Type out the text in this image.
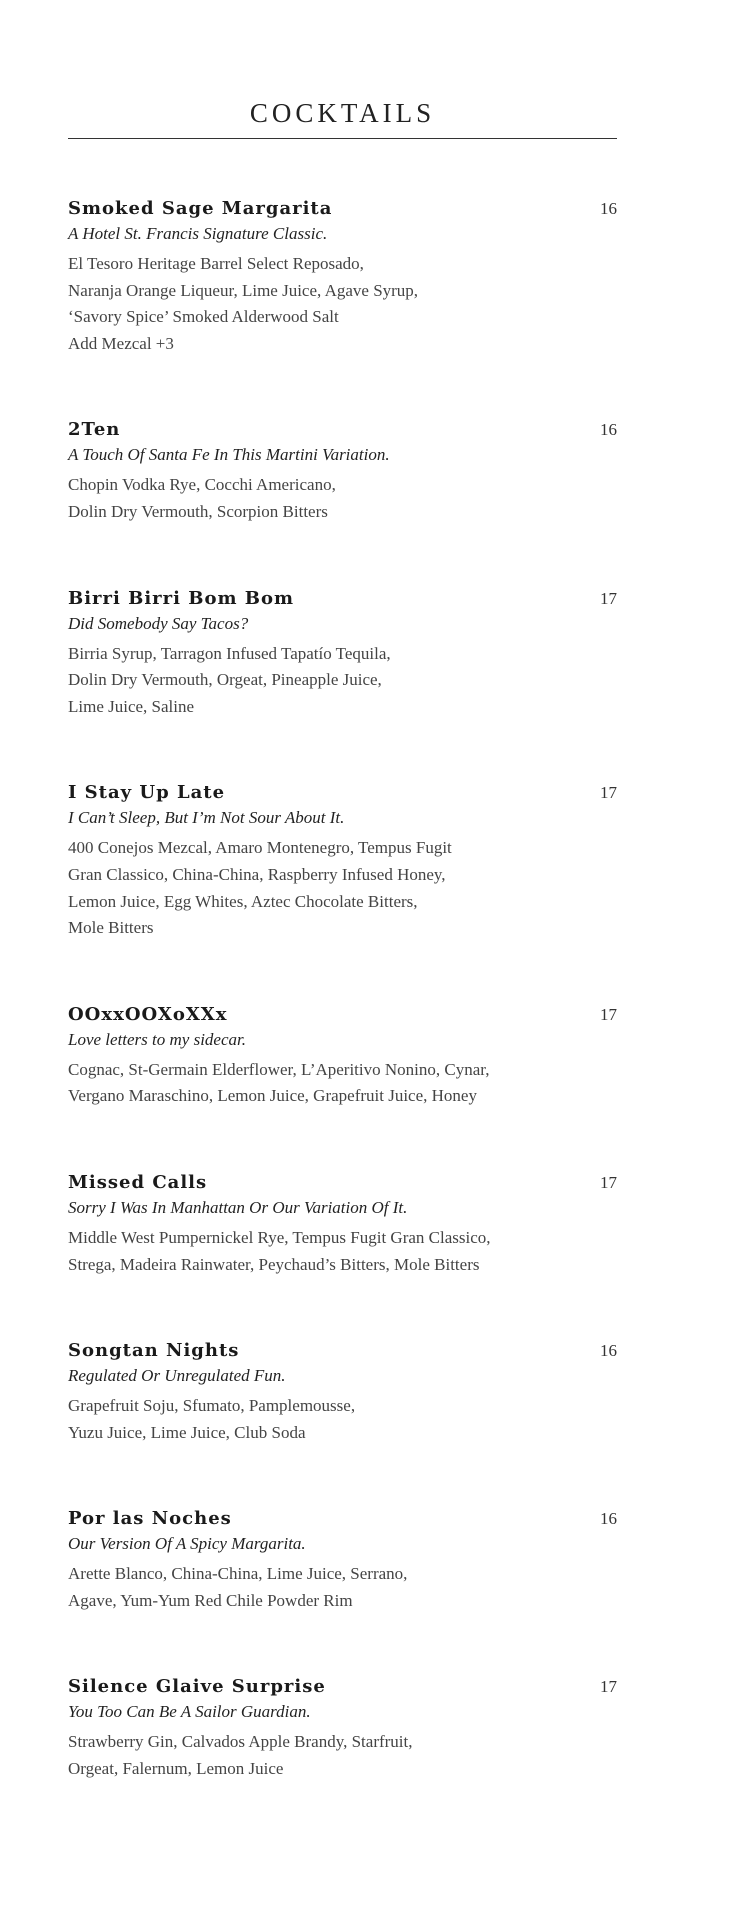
COCKTAILS
Smoked Sage Margarita	16
A Hotel St. Francis Signature Classic.
El Tesoro Heritage Barrel Select Reposado,
Naranja Orange Liqueur, Lime Juice, Agave Syrup,
‘Savory Spice’ Smoked Alderwood Salt
Add Mezcal +3
2Ten	16
A Touch Of Santa Fe In This Martini Variation.
Chopin Vodka Rye, Cocchi Americano,
Dolin Dry Vermouth, Scorpion Bitters
Birri Birri Bom Bom	17
Did Somebody Say Tacos?
Birria Syrup, Tarragon Infused Tapatío Tequila,
Dolin Dry Vermouth, Orgeat, Pineapple Juice,
Lime Juice, Saline
I Stay Up Late	17
I Can’t Sleep, But I’m Not Sour About It.
400 Conejos Mezcal, Amaro Montenegro, Tempus Fugit
Gran Classico, China-China, Raspberry Infused Honey,
Lemon Juice, Egg Whites, Aztec Chocolate Bitters,
Mole Bitters
OOxxOOXoXXx	17
Love letters to my sidecar.
Cognac, St-Germain Elderflower, L’Aperitivo Nonino, Cynar,
Vergano Maraschino, Lemon Juice, Grapefruit Juice, Honey
Missed Calls	17
Sorry I Was In Manhattan Or Our Variation Of It.
Middle West Pumpernickel Rye, Tempus Fugit Gran Classico,
Strega, Madeira Rainwater, Peychaud’s Bitters, Mole Bitters
Songtan Nights	16
Regulated Or Unregulated Fun.
Grapefruit Soju, Sfumato, Pamplemousse,
Yuzu Juice, Lime Juice, Club Soda
Por las Noches	16
Our Version Of A Spicy Margarita.
Arette Blanco, China-China, Lime Juice, Serrano,
Agave, Yum-Yum Red Chile Powder Rim
Silence Glaive Surprise	17
You Too Can Be A Sailor Guardian.
Strawberry Gin, Calvados Apple Brandy, Starfruit,
Orgeat, Falernum, Lemon Juice
